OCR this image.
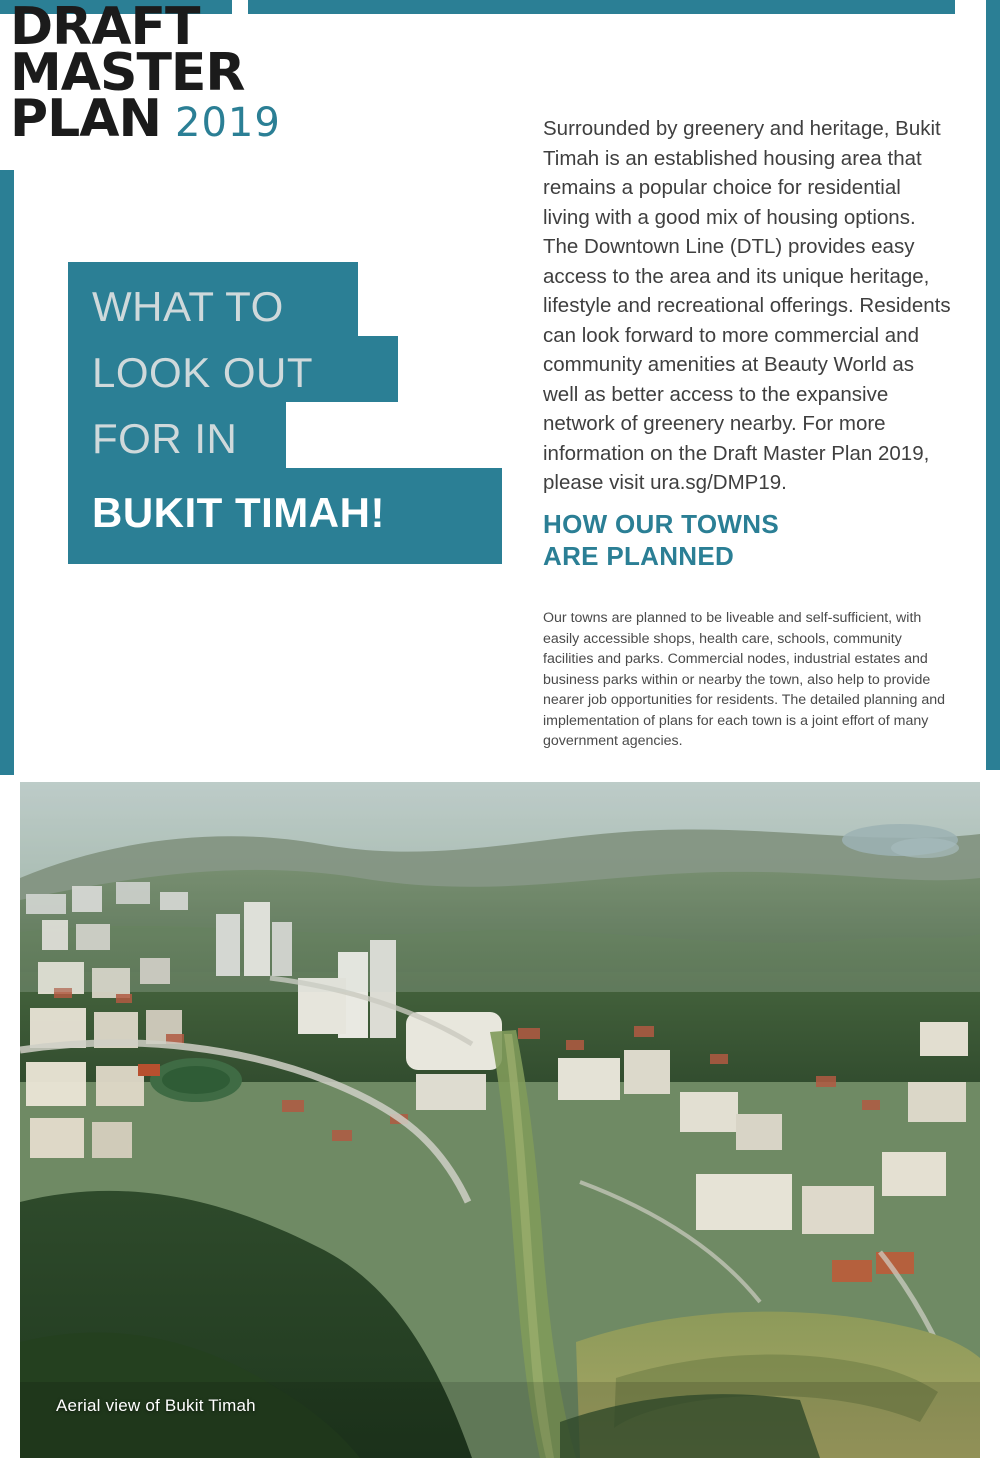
DRAFT
MASTER
PLAN 2019
WHAT TO
LOOK OUT
FOR IN
BUKIT TIMAH!

Surrounded by greenery and heritage, Bukit Timah is an established housing area that remains a popular choice for residential living with a good mix of housing options. The Downtown Line (DTL) provides easy access to the area and its unique heritage, lifestyle and recreational offerings. Residents can look forward to more commercial and community amenities at Beauty World as well as better access to the expansive network of greenery nearby. For more information on the Draft Master Plan 2019, please visit ura.sg/DMP19.

HOW OUR TOWNS
ARE PLANNED

Our towns are planned to be liveable and self-sufficient, with easily accessible shops, health care, schools, community facilities and parks. Commercial nodes, industrial estates and business parks within or nearby the town, also help to provide nearer job opportunities for residents. The detailed planning and implementation of plans for each town is a joint effort of many government agencies.

Aerial view of Bukit Timah
